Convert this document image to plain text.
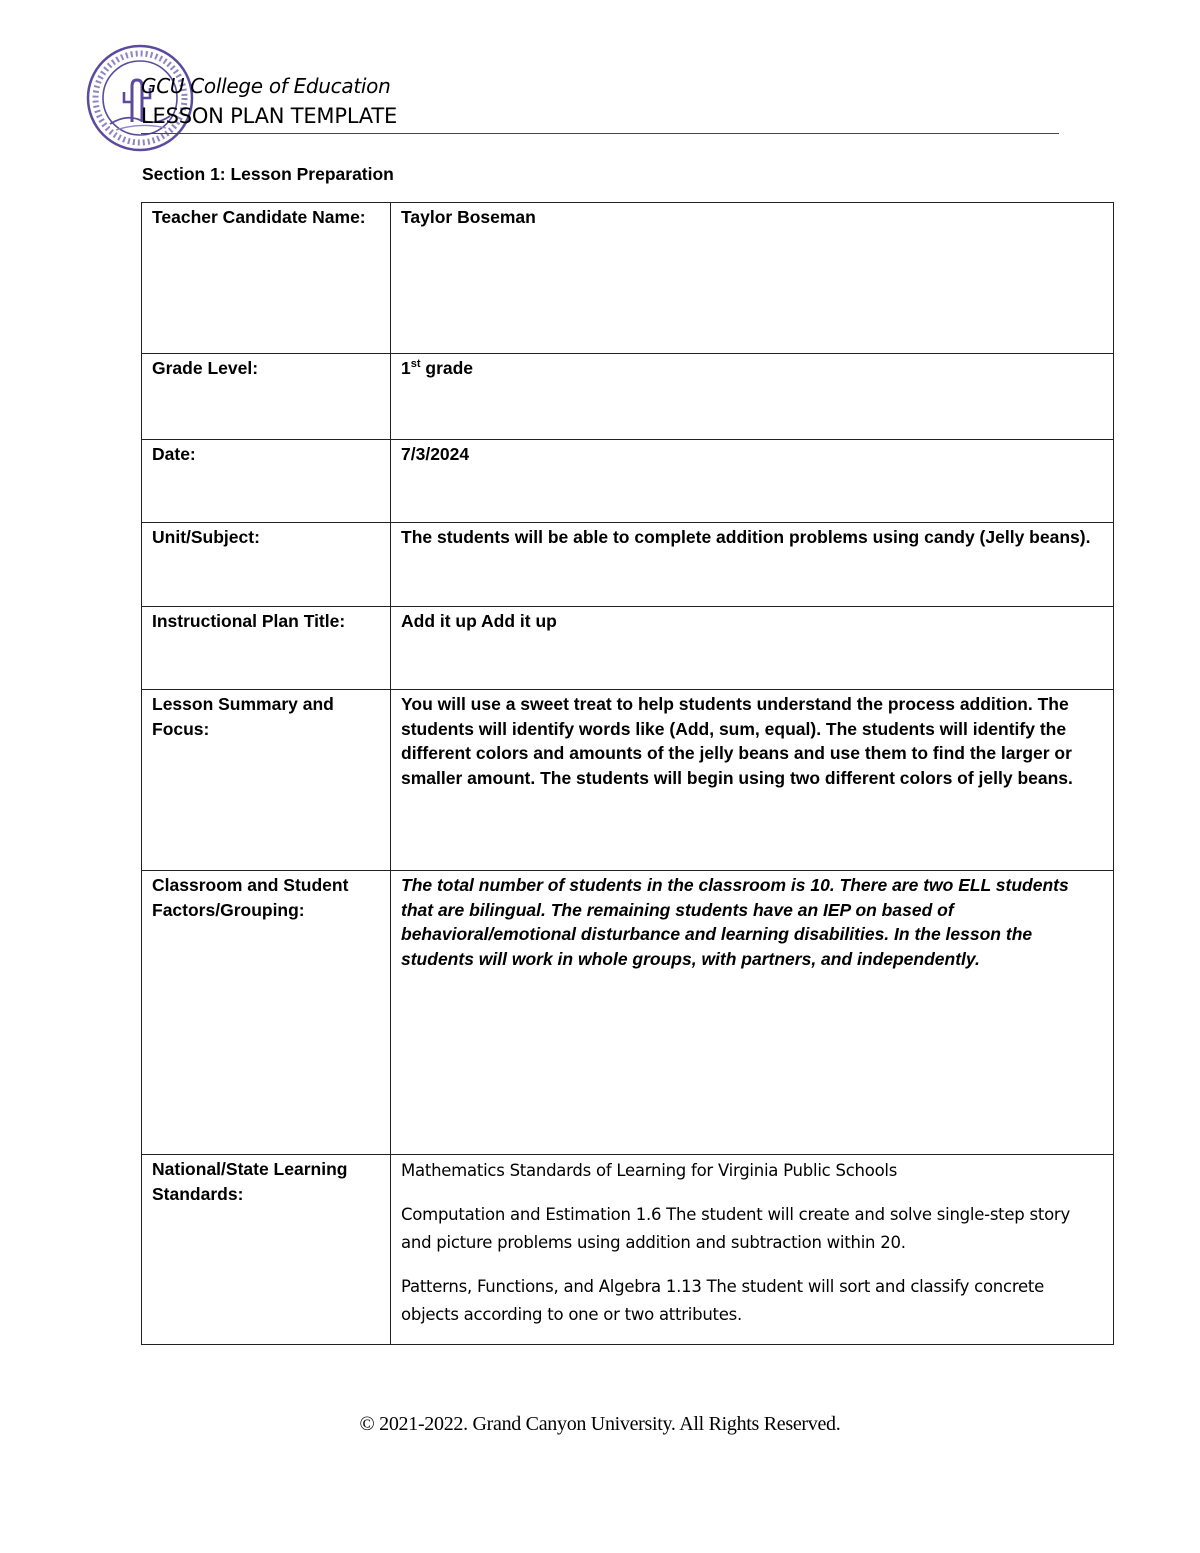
GCU College of Education
LESSON PLAN TEMPLATE
Section 1: Lesson Preparation
Teacher Candidate Name:	Taylor Boseman
Grade Level:	1st grade
Date:	7/3/2024
Unit/Subject:	The students will be able to complete addition problems using candy (Jelly beans).
Instructional Plan Title:	Add it up Add it up
Lesson Summary and Focus:	You will use a sweet treat to help students understand the process addition. The students will identify words like (Add, sum, equal). The students will identify the different colors and amounts of the jelly beans and use them to find the larger or smaller amount. The students will begin using two different colors of jelly beans.
Classroom and Student Factors/Grouping:	The total number of students in the classroom is 10. There are two ELL students that are bilingual. The remaining students have an IEP on based of behavioral/emotional disturbance and learning disabilities. In the lesson the students will work in whole groups, with partners, and independently.
National/State Learning Standards:	Mathematics Standards of Learning for Virginia Public Schools

Computation and Estimation 1.6 The student will create and solve single-step story and picture problems using addition and subtraction within 20.

Patterns, Functions, and Algebra 1.13 The student will sort and classify concrete objects according to one or two attributes.

© 2021-2022. Grand Canyon University. All Rights Reserved.
